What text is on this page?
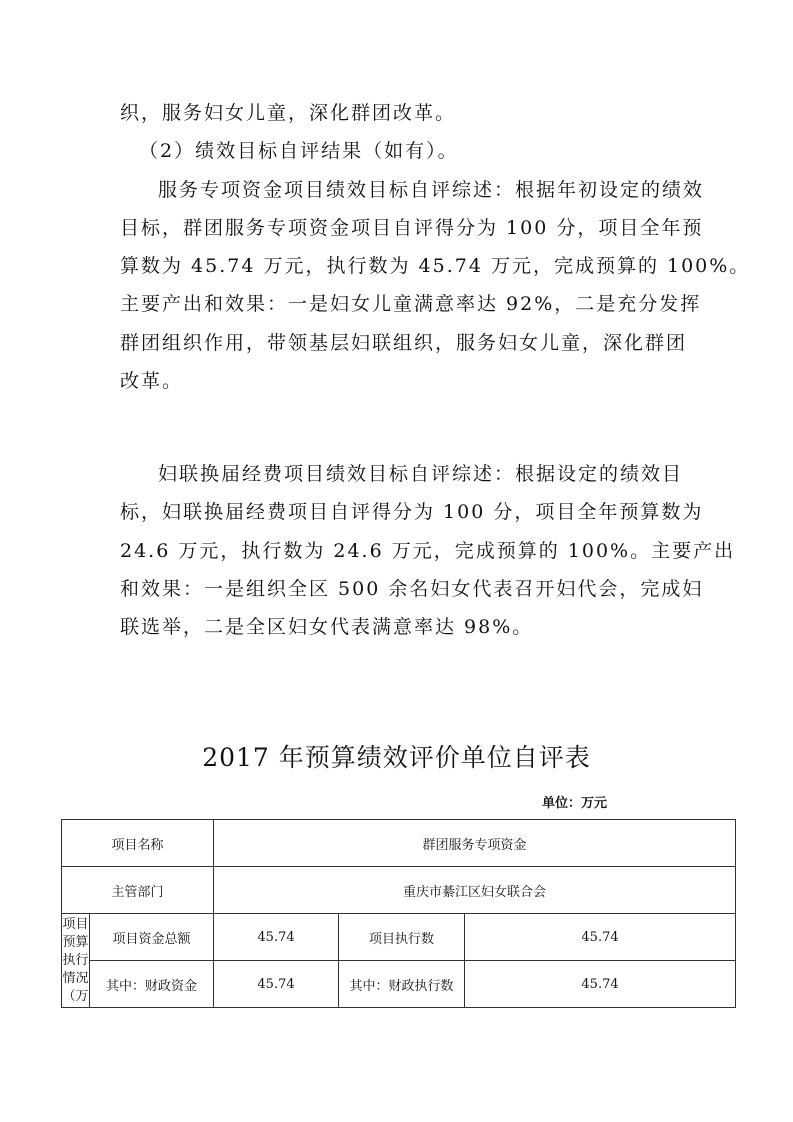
织，服务妇女儿童，深化群团改革。
（2）绩效目标自评结果（如有）。
服务专项资金项目绩效目标自评综述：根据年初设定的绩效
目标，群团服务专项资金项目自评得分为 100 分，项目全年预
算数为 45.74 万元，执行数为 45.74 万元，完成预算的 100%。
主要产出和效果：一是妇女儿童满意率达 92%，二是充分发挥
群团组织作用，带领基层妇联组织，服务妇女儿童，深化群团
改革。
妇联换届经费项目绩效目标自评综述：根据设定的绩效目
标，妇联换届经费项目自评得分为 100 分，项目全年预算数为
24.6 万元，执行数为 24.6 万元，完成预算的 100%。主要产出
和效果：一是组织全区 500 余名妇女代表召开妇代会，完成妇
联选举，二是全区妇女代表满意率达 98%。
2017 年预算绩效评价单位自评表
单位：万元
项目名称		群团服务专项资金		
主管部门		重庆市綦江区妇女联合会		

项目预算执行情况（万	项目资金总额	45.74	项目执行数	45.74
	其中：财政资金	45.74	其中：财政执行数	45.74
